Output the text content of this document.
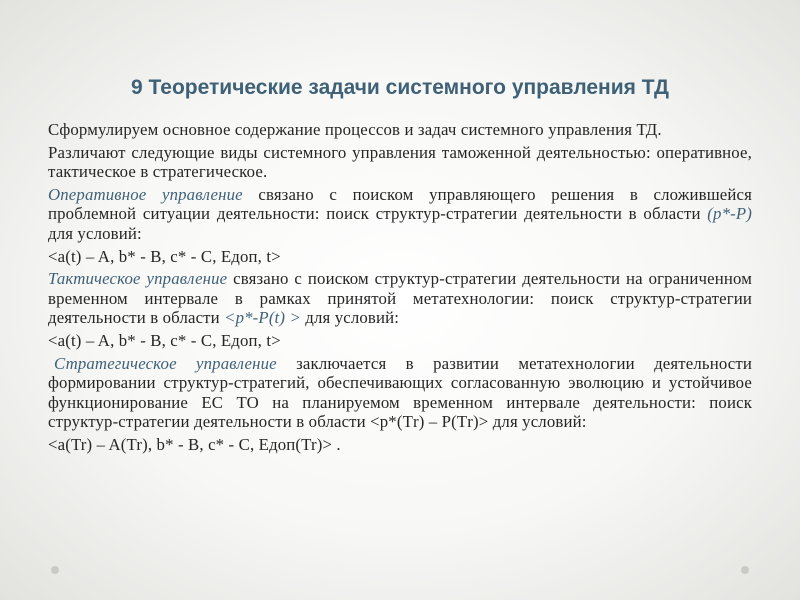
9 Теоретические задачи системного управления ТД

Сформулируем основное содержание процессов и задач системного управления ТД.

Различают следующие виды системного управления таможенной деятельностью: оперативное, тактическое в стратегическое.

Оперативное управление связано с поиском управляющего решения в сложившейся проблемной ситуации деятельности: поиск структур-стратегии деятельности в области (р*-Р) для условий:

<a(t) – A, b* - B, c* - C, Едоп, t>

Тактическое управление связано с поиском структур-стратегии деятельности на ограниченном временном интервале в рамках принятой метатехнологии: поиск структур-стратегии деятельности в области <р*-Р(t) > для условий:

<a(t) – A, b* - B, c* - C, Едоп, t>

Стратегическое управление заключается в развитии метатехнологии деятельности формировании структур-стратегий, обеспечивающих согласованную эволюцию и устойчивое функционирование ЕС ТО на планируемом временном интервале деятельности: поиск структур-стратегии деятельности в области <р*(Тr) – Р(Тr)> для условий:

<a(Tr) – A(Tr), b* - B, c* - C, Едоп(Tr)> .
